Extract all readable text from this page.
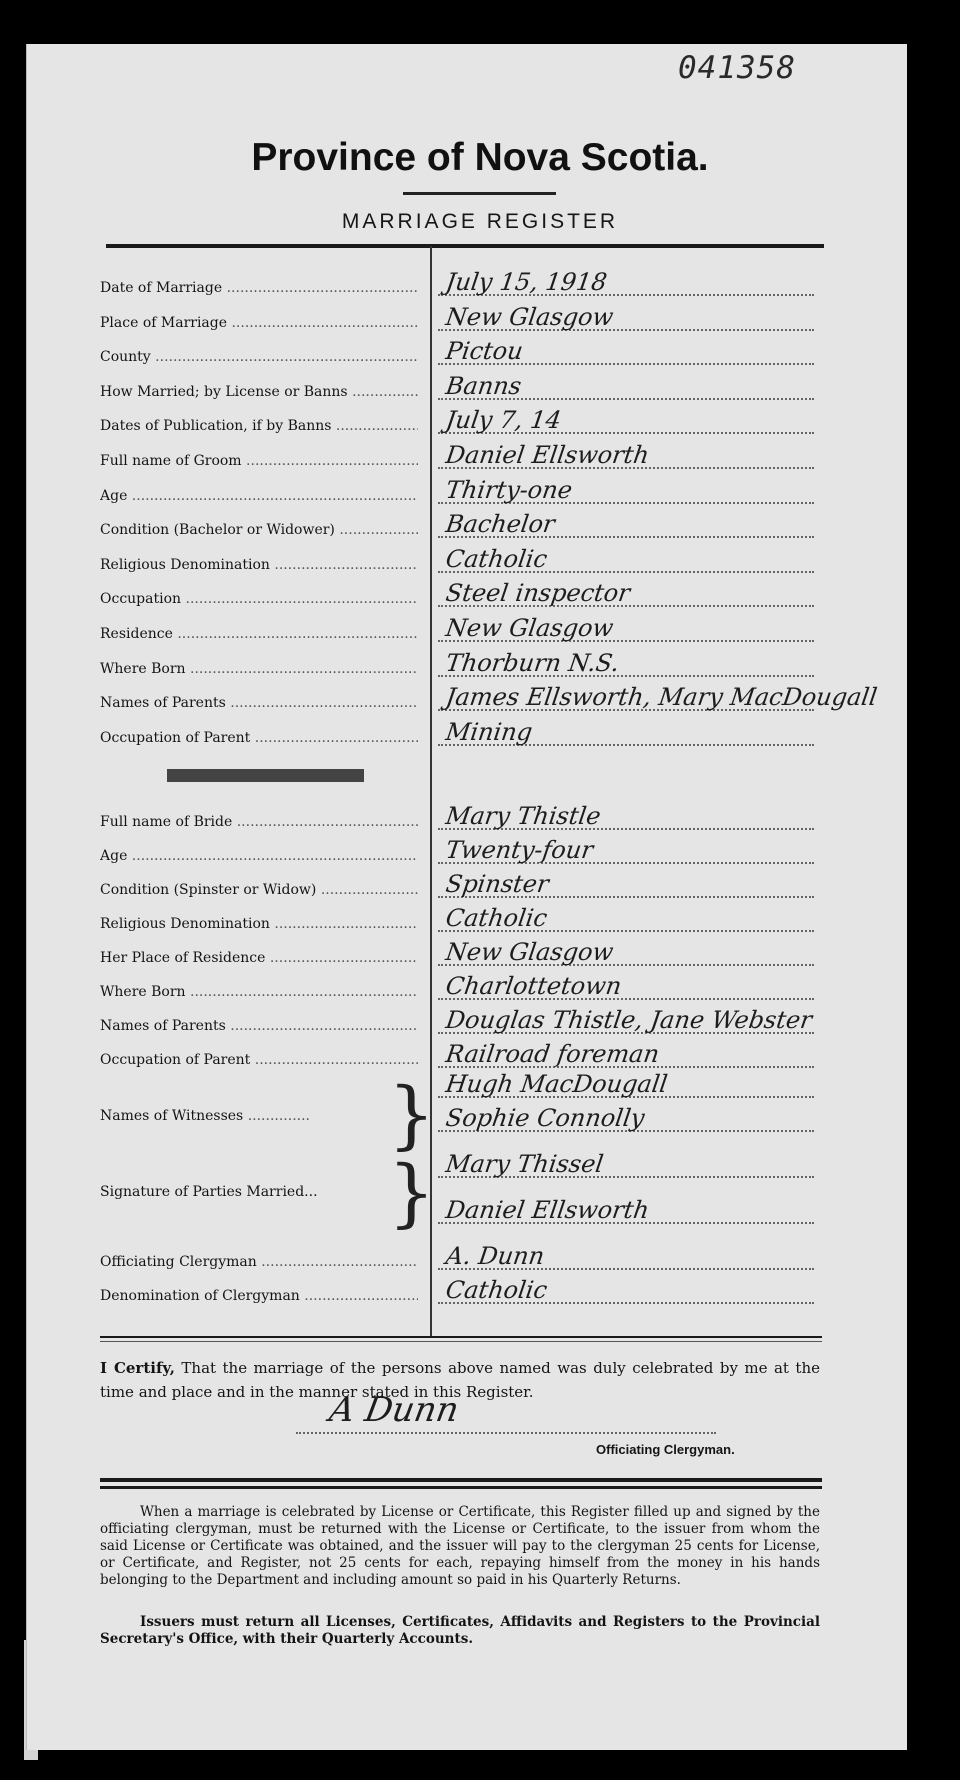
041358
Province of Nova Scotia.
MARRIAGE REGISTER
Date of Marriage .....	July 15, 1918
Place of Marriage .....	New Glasgow
County .....	Pictou
How Married; by License or Banns .....	Banns
Dates of Publication, if by Banns .....	July 7, 14
Full name of Groom .....	Daniel Ellsworth
Age .....	Thirty-one
Condition (Bachelor or Widower) .....	Bachelor
Religious Denomination .....	Catholic
Occupation .....	Steel inspector
Residence .....	New Glasgow
Where Born .....	Thorburn N.S.
Names of Parents .....	James Ellsworth, Mary MacDougall
Occupation of Parent .....	Mining
Full name of Bride .....	Mary Thistle
Age .....	Twenty-four
Condition (Spinster or Widow) .....	Spinster
Religious Denomination .....	Catholic
Her Place of Residence .....	New Glasgow
Where Born .....	Charlottetown
Names of Parents .....	Douglas Thistle, Jane Webster
Occupation of Parent .....	Railroad foreman
Names of Witnesses .....	} Hugh MacDougall
Sophie Connolly
Signature of Parties Married... } Mary Thissel
Daniel Ellsworth
Officiating Clergyman .....	A. Dunn
Denomination of Clergyman .....	Catholic
I Certify, That the marriage of the persons above named was duly celebrated by me at the time and place and in the manner stated in this Register.
A Dunn
Officiating Clergyman.
When a marriage is celebrated by License or Certificate, this Register filled up and signed by the officiating clergyman, must be returned with the License or Certificate, to the issuer from whom the said License or Certificate was obtained, and the issuer will pay to the clergyman 25 cents for License, or Certificate, and Register, not 25 cents for each, repaying himself from the money in his hands belonging to the Department and including amount so paid in his Quarterly Returns.
Issuers must return all Licenses, Certificates, Affidavits and Registers to the Provincial Secretary's Office, with their Quarterly Accounts.
